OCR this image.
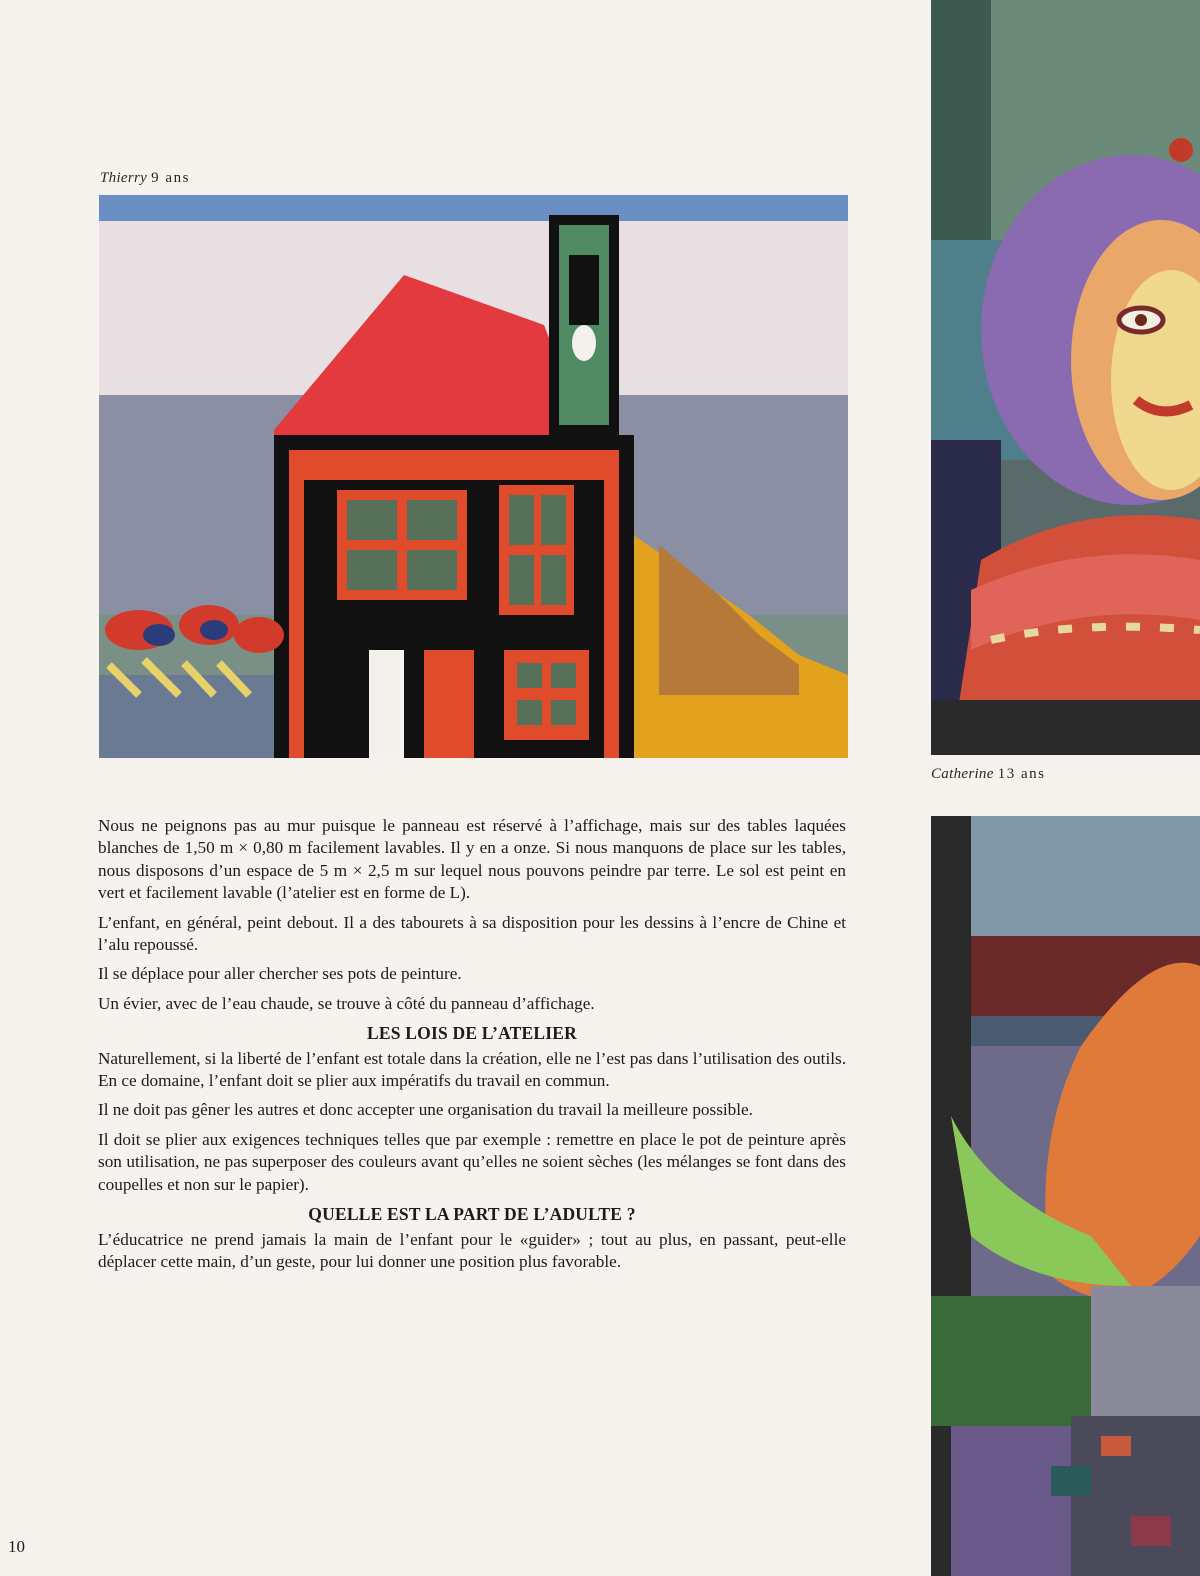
Thierry 9 ans
Catherine 13 ans

Nous ne peignons pas au mur puisque le panneau est réservé à l’affichage, mais sur des tables laquées blanches de 1,50 m × 0,80 m facilement lavables. Il y en a onze. Si nous manquons de place sur les tables, nous disposons d’un espace de 5 m × 2,5 m sur lequel nous pouvons peindre par terre. Le sol est peint en vert et facilement lavable (l’atelier est en forme de L).

L’enfant, en général, peint debout. Il a des tabourets à sa disposition pour les dessins à l’encre de Chine et l’alu repoussé.

Il se déplace pour aller chercher ses pots de peinture.

Un évier, avec de l’eau chaude, se trouve à côté du panneau d’affichage.

LES LOIS DE L’ATELIER

Naturellement, si la liberté de l’enfant est totale dans la création, elle ne l’est pas dans l’utilisation des outils. En ce domaine, l’enfant doit se plier aux impératifs du travail en commun.

Il ne doit pas gêner les autres et donc accepter une organisation du travail la meilleure possible.

Il doit se plier aux exigences techniques telles que par exemple : remettre en place le pot de peinture après son utilisation, ne pas superposer des couleurs avant qu’elles ne soient sèches (les mélanges se font dans des coupelles et non sur le papier).

QUELLE EST LA PART DE L’ADULTE ?

L’éducatrice ne prend jamais la main de l’enfant pour le «guider» ; tout au plus, en passant, peut-elle déplacer cette main, d’un geste, pour lui donner une position plus favorable.

10
